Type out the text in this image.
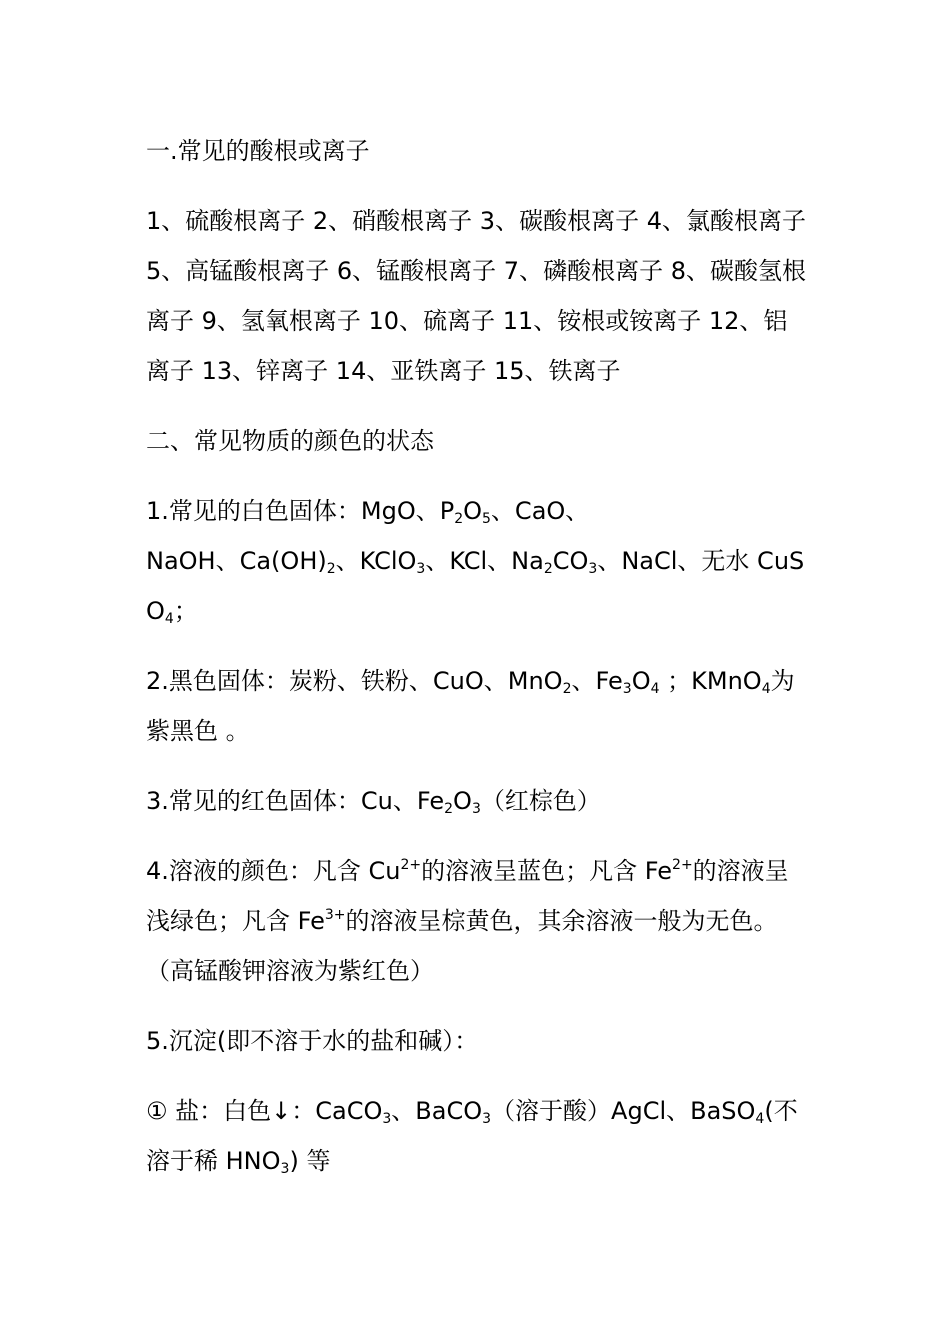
一.常见的酸根或离子

1、硫酸根离子 2、硝酸根离子 3、碳酸根离子 4、氯酸根离子 5、高锰酸根离子 6、锰酸根离子 7、磷酸根离子 8、碳酸氢根离子 9、氢氧根离子 10、硫离子 11、铵根或铵离子 12、铝离子 13、锌离子 14、亚铁离子 15、铁离子

二、常见物质的颜色的状态

1.常见的白色固体：MgO、$P_2O_5$、CaO、
NaOH、$Ca(OH)_2$、KClO$_3$、KCl、$Na_2CO_3$、NaCl、无水 CuSO$_4$；

2.黑色固体：炭粉、铁粉、CuO、MnO$_2$、$Fe_3O_4$ ；KMnO$_4$为紫黑色 。

3.常见的红色固体：Cu、$Fe_2O_3$（红棕色）

4.溶液的颜色：凡含 $Cu^{2+}$的溶液呈蓝色；凡含 $Fe^{2+}$的溶液呈浅绿色；凡含 $Fe^{3+}$的溶液呈棕黄色，其余溶液一般为无色。（高锰酸钾溶液为紫红色）

5.沉淀(即不溶于水的盐和碱）：

① 盐：白色↓：CaCO$_3$、BaCO$_3$（溶于酸）AgCl、BaSO$_4$(不溶于稀 $HNO_3$) 等
